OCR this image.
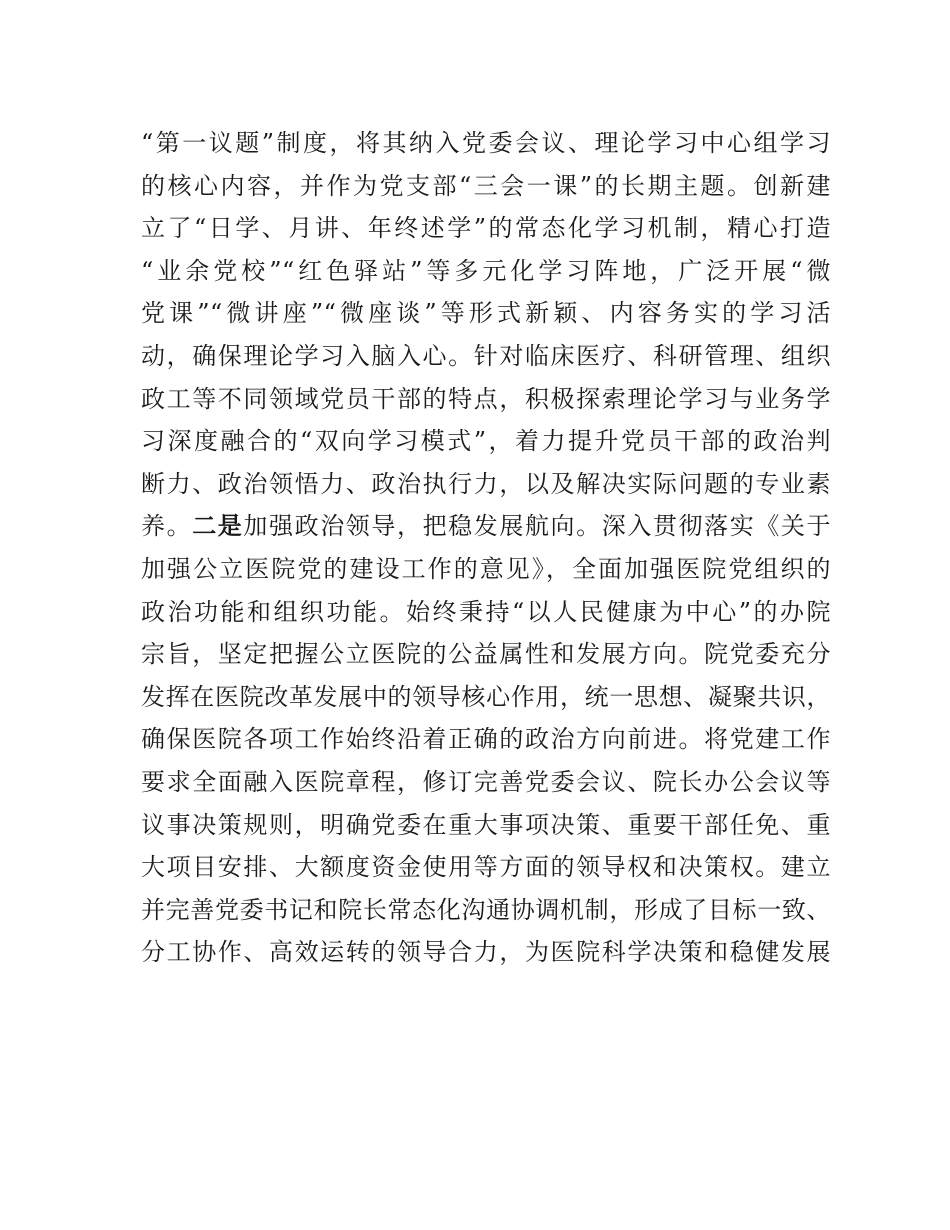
“第一议题”制度，将其纳入党委会议、理论学习中心组学习
的核心内容，并作为党支部“三会一课”的长期主题。创新建
立了“日学、月讲、年终述学”的常态化学习机制，精心打造
“业余党校”“红色驿站”等多元化学习阵地，广泛开展“微
党课”“微讲座”“微座谈”等形式新颖、内容务实的学习活
动，确保理论学习入脑入心。针对临床医疗、科研管理、组织
政工等不同领域党员干部的特点，积极探索理论学习与业务学
习深度融合的“双向学习模式”，着力提升党员干部的政治判
断力、政治领悟力、政治执行力，以及解决实际问题的专业素
养。二是加强政治领导，把稳发展航向。深入贯彻落实《关于
加强公立医院党的建设工作的意见》，全面加强医院党组织的
政治功能和组织功能。始终秉持“以人民健康为中心”的办院
宗旨，坚定把握公立医院的公益属性和发展方向。院党委充分
发挥在医院改革发展中的领导核心作用，统一思想、凝聚共识，
确保医院各项工作始终沿着正确的政治方向前进。将党建工作
要求全面融入医院章程，修订完善党委会议、院长办公会议等
议事决策规则，明确党委在重大事项决策、重要干部任免、重
大项目安排、大额度资金使用等方面的领导权和决策权。建立
并完善党委书记和院长常态化沟通协调机制，形成了目标一致、
分工协作、高效运转的领导合力，为医院科学决策和稳健发展
